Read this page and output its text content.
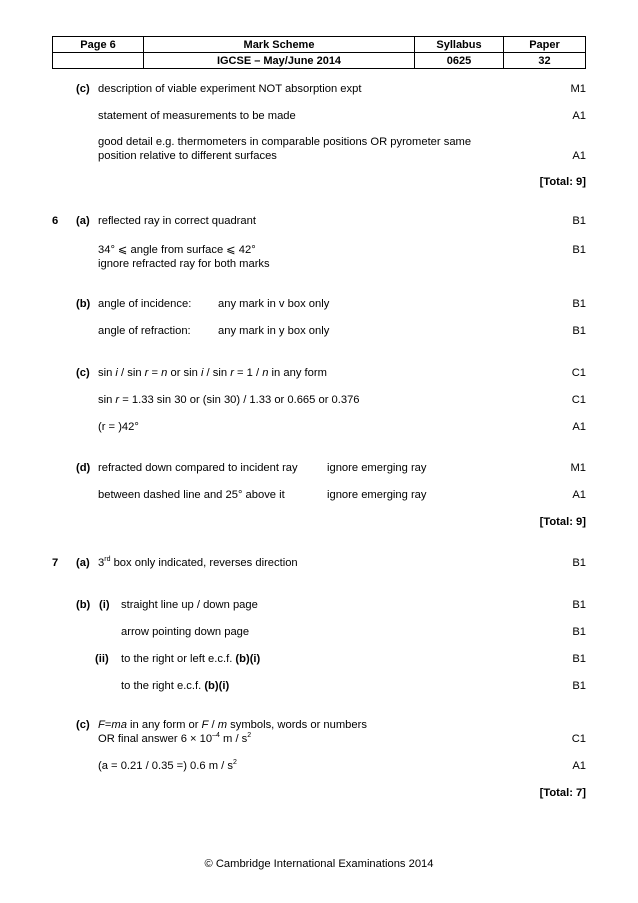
Page 6	Mark Scheme	Syllabus	Paper
	IGCSE – May/June 2014	0625	32
(c) description of viable experiment NOT absorption expt	M1
statement of measurements to be made	A1
good detail e.g. thermometers in comparable positions OR pyrometer same
position relative to different surfaces	A1
[Total: 9]
6 (a) reflected ray in correct quadrant	B1
34° ⩽ angle from surface ⩽ 42°	B1
ignore refracted ray for both marks
(b) angle of incidence: any mark in v box only	B1
angle of refraction: any mark in y box only	B1
(c) sin i / sin r = n or sin i / sin r = 1 / n in any form	C1
sin r = 1.33 sin 30 or (sin 30) / 1.33 or 0.665 or 0.376	C1
(r = )42°	A1
(d) refracted down compared to incident ray	ignore emerging ray	M1
between dashed line and 25° above it	ignore emerging ray	A1
[Total: 9]
7 (a) 3rd box only indicated, reverses direction	B1
(b) (i) straight line up / down page	B1
arrow pointing down page	B1
(ii) to the right or left e.c.f. (b)(i)	B1
to the right e.c.f. (b)(i)	B1
(c) F=ma in any form or F / m symbols, words or numbers
OR final answer $6 \times 10^{-4}$ m / $s^2$	C1
(a = 0.21 / 0.35 =) 0.6 m / $s^2$	A1
[Total: 7]
© Cambridge International Examinations 2014
